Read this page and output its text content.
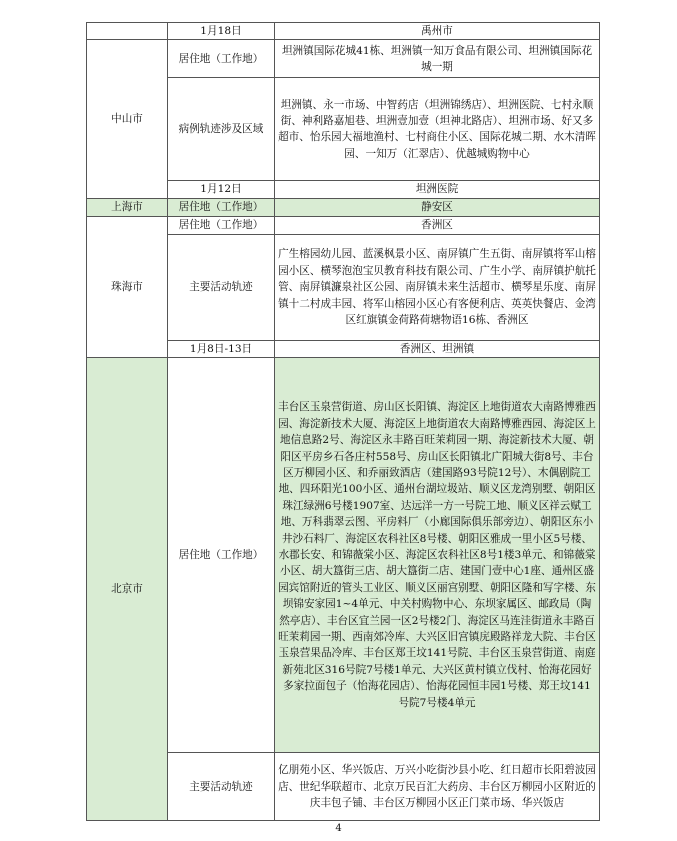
	1月18日	禹州市
中山市	居住地（工作地）	坦洲镇国际花城41栋、坦洲镇一知万食品有限公司、坦洲镇国际花城一期
	病例轨迹涉及区域	坦洲镇、永一市场、中智药店（坦洲锦绣店）、坦洲医院、七村永顺街、神利路嘉旭巷、坦洲壹加壹（坦神北路店）、坦洲市场、好又多超市、怡乐园大福地渔村、七村商住小区、国际花城二期、水木清晖园、一知万（汇翠店）、优越城购物中心
	1月12日	坦洲医院
上海市	居住地（工作地）	静安区
珠海市	居住地（工作地）	香洲区
	主要活动轨迹	广生榕园幼儿园、蓝溪枫景小区、南屏镇广生五街、南屏镇将军山榕园小区、横琴泡泡宝贝教育科技有限公司、广生小学、南屏镇护航托管、南屏镇濂泉社区公园、南屏镇未来生活超市、横琴星乐度、南屏镇十二村成丰园、将军山榕园小区心有客便利店、英英快餐店、金湾区红旗镇金荷路荷塘物语16栋、香洲区
	1月8日-13日	香洲区、坦洲镇
北京市	居住地（工作地）	丰台区玉泉营街道、房山区长阳镇、海淀区上地街道农大南路博雅西园、海淀新技术大厦、海淀区上地街道农大南路博雅西园、海淀区上地信息路2号、海淀区永丰路百旺茉莉园一期、海淀新技术大厦、朝阳区平房乡石各庄村558号、房山区长阳镇北广阳城大街8号、丰台区万柳园小区、和乔丽致酒店（建国路93号院12号）、木偶剧院工地、四环阳光100小区、通州台湖垃圾站、顺义区龙湾别墅、朝阳区珠江绿洲6号楼1907室、达远洋一方一号院工地、顺义区祥云赋工地、万科翡翠云图、平房料厂（小廊国际俱乐部旁边）、朝阳区东小井沙石料厂、海淀区农科社区8号楼、朝阳区雅成一里小区5号楼、水郡长安、和锦薇棠小区、海淀区农科社区8号1楼3单元、和锦薇棠小区、胡大簋街三店、胡大簋街二店、建国门壹中心1座、通州区盛园宾馆附近的管头工业区、顺义区丽宫别墅、朝阳区隆和写字楼、东坝锦安家园1~4单元、中关村购物中心、东坝家属区、邮政局（陶然亭店）、丰台区宜兰园一区2号楼2门、海淀区马连洼街道永丰路百旺茉莉园一期、西南郊冷库、大兴区旧宫镇庑殿路祥龙大院、丰台区玉泉营果品冷库、丰台区郑王坟141号院、丰台区玉泉营街道、南庭新苑北区316号院7号楼1单元、大兴区黄村镇立伐村、怡海花园好多家拉面包子（怡海花园店）、怡海花园恒丰园1号楼、郑王坟141号院7号楼4单元
	主要活动轨迹	亿朋苑小区、华兴饭店、万兴小吃街沙县小吃、红日超市长阳碧波园店、世纪华联超市、北京万民百汇大药房、丰台区万柳园小区附近的庆丰包子铺、丰台区万柳园小区正门菜市场、华兴饭店
4
